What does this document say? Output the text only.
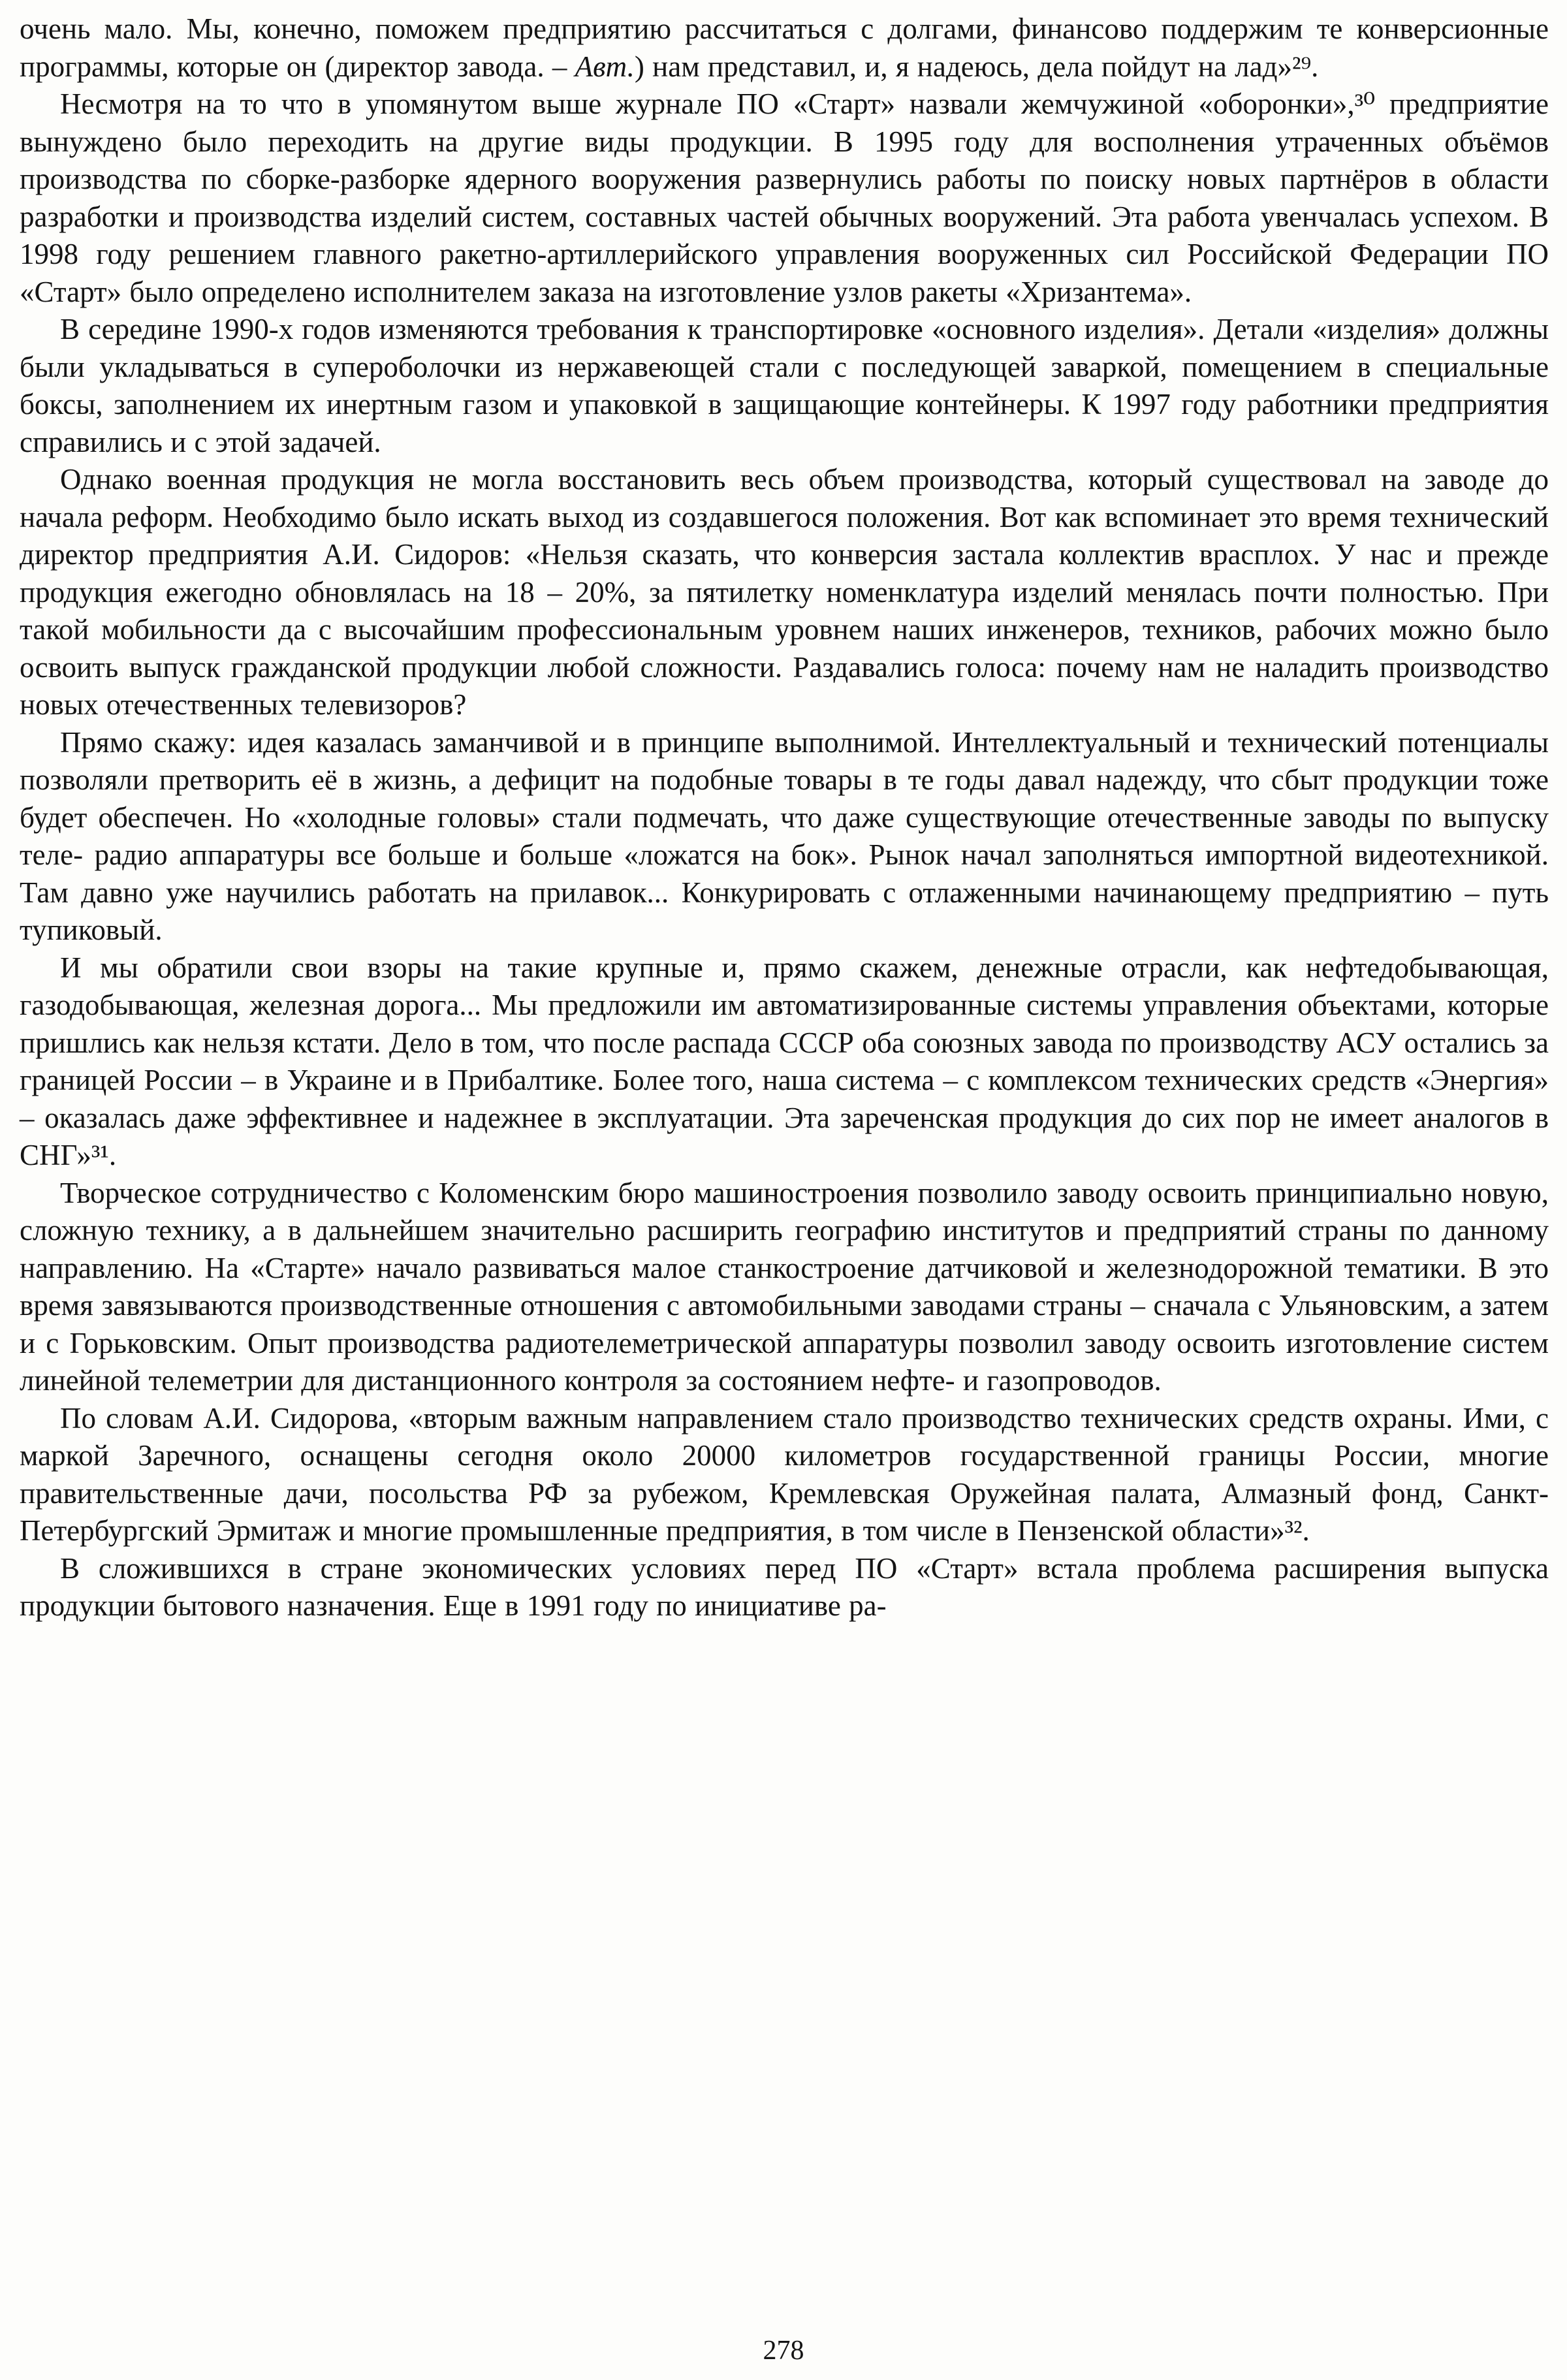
очень мало. Мы, конечно, поможем предприятию рассчитаться с долгами, финансово поддержим те конверсионные программы, которые он (директор завода. – Авт.) нам представил, и, я надеюсь, дела пойдут на лад»²⁹.

Несмотря на то что в упомянутом выше журнале ПО «Старт» назвали жемчужиной «оборонки»,³⁰ предприятие вынуждено было переходить на другие виды продукции. В 1995 году для восполнения утраченных объёмов производства по сборке-разборке ядерного вооружения развернулись работы по поиску новых партнёров в области разработки и производства изделий систем, составных частей обычных вооружений. Эта работа увенчалась успехом. В 1998 году решением главного ракетно-артиллерийского управления вооруженных сил Российской Федерации ПО «Старт» было определено исполнителем заказа на изготовление узлов ракеты «Хризантема».

В середине 1990-х годов изменяются требования к транспортировке «основного изделия». Детали «изделия» должны были укладываться в супероболочки из нержавеющей стали с последующей заваркой, помещением в специальные боксы, заполнением их инертным газом и упаковкой в защищающие контейнеры. К 1997 году работники предприятия справились и с этой задачей.

Однако военная продукция не могла восстановить весь объем производства, который существовал на заводе до начала реформ. Необходимо было искать выход из создавшегося положения. Вот как вспоминает это время технический директор предприятия А.И. Сидоров: «Нельзя сказать, что конверсия застала коллектив врасплох. У нас и прежде продукция ежегодно обновлялась на 18 – 20%, за пятилетку номенклатура изделий менялась почти полностью. При такой мобильности да с высочайшим профессиональным уровнем наших инженеров, техников, рабочих можно было освоить выпуск гражданской продукции любой сложности. Раздавались голоса: почему нам не наладить производство новых отечественных телевизоров?

Прямо скажу: идея казалась заманчивой и в принципе выполнимой. Интеллектуальный и технический потенциалы позволяли претворить её в жизнь, а дефицит на подобные товары в те годы давал надежду, что сбыт продукции тоже будет обеспечен. Но «холодные головы» стали подмечать, что даже существующие отечественные заводы по выпуску теле- радио аппаратуры все больше и больше «ложатся на бок». Рынок начал заполняться импортной видеотехникой. Там давно уже научились работать на прилавок... Конкурировать с отлаженными начинающему предприятию – путь тупиковый.

И мы обратили свои взоры на такие крупные и, прямо скажем, денежные отрасли, как нефтедобывающая, газодобывающая, железная дорога... Мы предложили им автоматизированные системы управления объектами, которые пришлись как нельзя кстати. Дело в том, что после распада СССР оба союзных завода по производству АСУ остались за границей России – в Украине и в Прибалтике. Более того, наша система – с комплексом технических средств «Энергия» – оказалась даже эффективнее и надежнее в эксплуатации. Эта зареченская продукция до сих пор не имеет аналогов в СНГ»³¹.

Творческое сотрудничество с Коломенским бюро машиностроения позволило заводу освоить принципиально новую, сложную технику, а в дальнейшем значительно расширить географию институтов и предприятий страны по данному направлению. На «Старте» начало развиваться малое станкостроение датчиковой и железнодорожной тематики. В это время завязываются производственные отношения с автомобильными заводами страны – сначала с Ульяновским, а затем и с Горьковским. Опыт производства радиотелеметрической аппаратуры позволил заводу освоить изготовление систем линейной телеметрии для дистанционного контроля за состоянием нефте- и газопроводов.

По словам А.И. Сидорова, «вторым важным направлением стало производство технических средств охраны. Ими, с маркой Заречного, оснащены сегодня около 20000 километров государственной границы России, многие правительственные дачи, посольства РФ за рубежом, Кремлевская Оружейная палата, Алмазный фонд, Санкт-Петербургский Эрмитаж и многие промышленные предприятия, в том числе в Пензенской области»³².

В сложившихся в стране экономических условиях перед ПО «Старт» встала проблема расширения выпуска продукции бытового назначения. Еще в 1991 году по инициативе ра-

278
